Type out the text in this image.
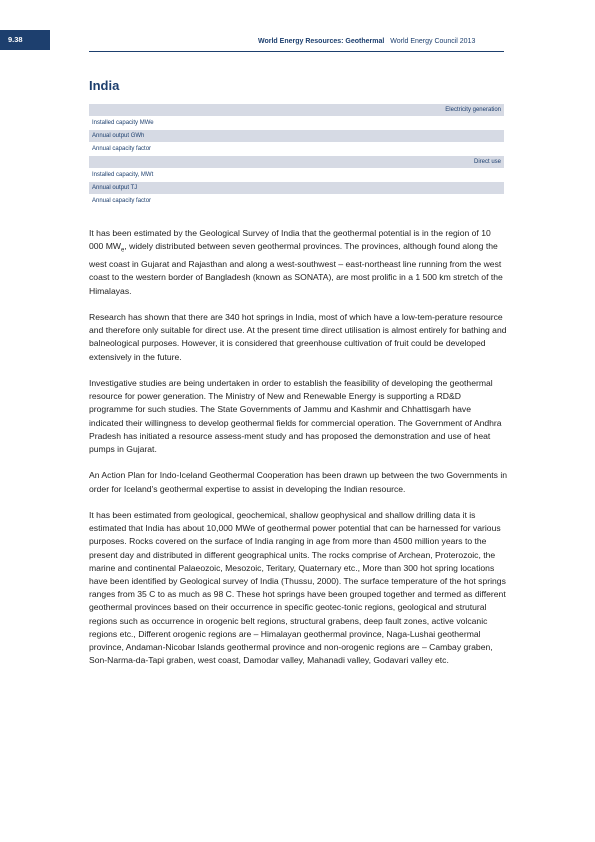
9.38	World Energy Resources: Geothermal World Energy Council 2013
India
Electricity generation
Installed capacity MWe
Annual output GWh
Annual capacity factor
Direct use
Installed capacity, MWt
Annual output TJ
Annual capacity factor

It has been estimated by the Geological Survey of India that the geothermal potential is in the region of 10 000 $MW_e$, widely distributed between seven geothermal provinces. The provinces, although found along the west coast in Gujarat and Rajasthan and along a west-southwest – east-northeast line running from the west coast to the western border of Bangladesh (known as SONATA), are most prolific in a 1 500 km stretch of the Himalayas.

Research has shown that there are 340 hot springs in India, most of which have a low-tem-perature resource and therefore only suitable for direct use. At the present time direct utilisation is almost entirely for bathing and balneological purposes. However, it is considered that greenhouse cultivation of fruit could be developed extensively in the future.

Investigative studies are being undertaken in order to establish the feasibility of developing the geothermal resource for power generation. The Ministry of New and Renewable Energy is supporting a RD&D programme for such studies. The State Governments of Jammu and Kashmir and Chhattisgarh have indicated their willingness to develop geothermal fields for commercial operation. The Government of Andhra Pradesh has initiated a resource assess-ment study and has proposed the demonstration and use of heat pumps in Gujarat.

An Action Plan for Indo-Iceland Geothermal Cooperation has been drawn up between the two Governments in order for Iceland's geothermal expertise to assist in developing the Indian resource.

It has been estimated from geological, geochemical, shallow geophysical and shallow drilling data it is estimated that India has about 10,000 MWe of geothermal power potential that can be harnessed for various purposes. Rocks covered on the surface of India ranging in age from more than 4500 million years to the present day and distributed in different geographical units. The rocks comprise of Archean, Proterozoic, the marine and continental Palaeozoic, Mesozoic, Teritary, Quaternary etc., More than 300 hot spring locations have been identified by Geological survey of India (Thussu, 2000). The surface temperature of the hot springs ranges from 35 C to as much as 98 C. These hot springs have been grouped together and termed as different geothermal provinces based on their occurrence in specific geotec-tonic regions, geological and strutural regions such as occurrence in orogenic belt regions, structural grabens, deep fault zones, active volcanic regions etc., Different orogenic regions are – Himalayan geothermal province, Naga-Lushai geothermal province, Andaman-Nicobar Islands geothermal province and non-orogenic regions are – Cambay graben, Son-Narma-da-Tapi graben, west coast, Damodar valley, Mahanadi valley, Godavari valley etc.
